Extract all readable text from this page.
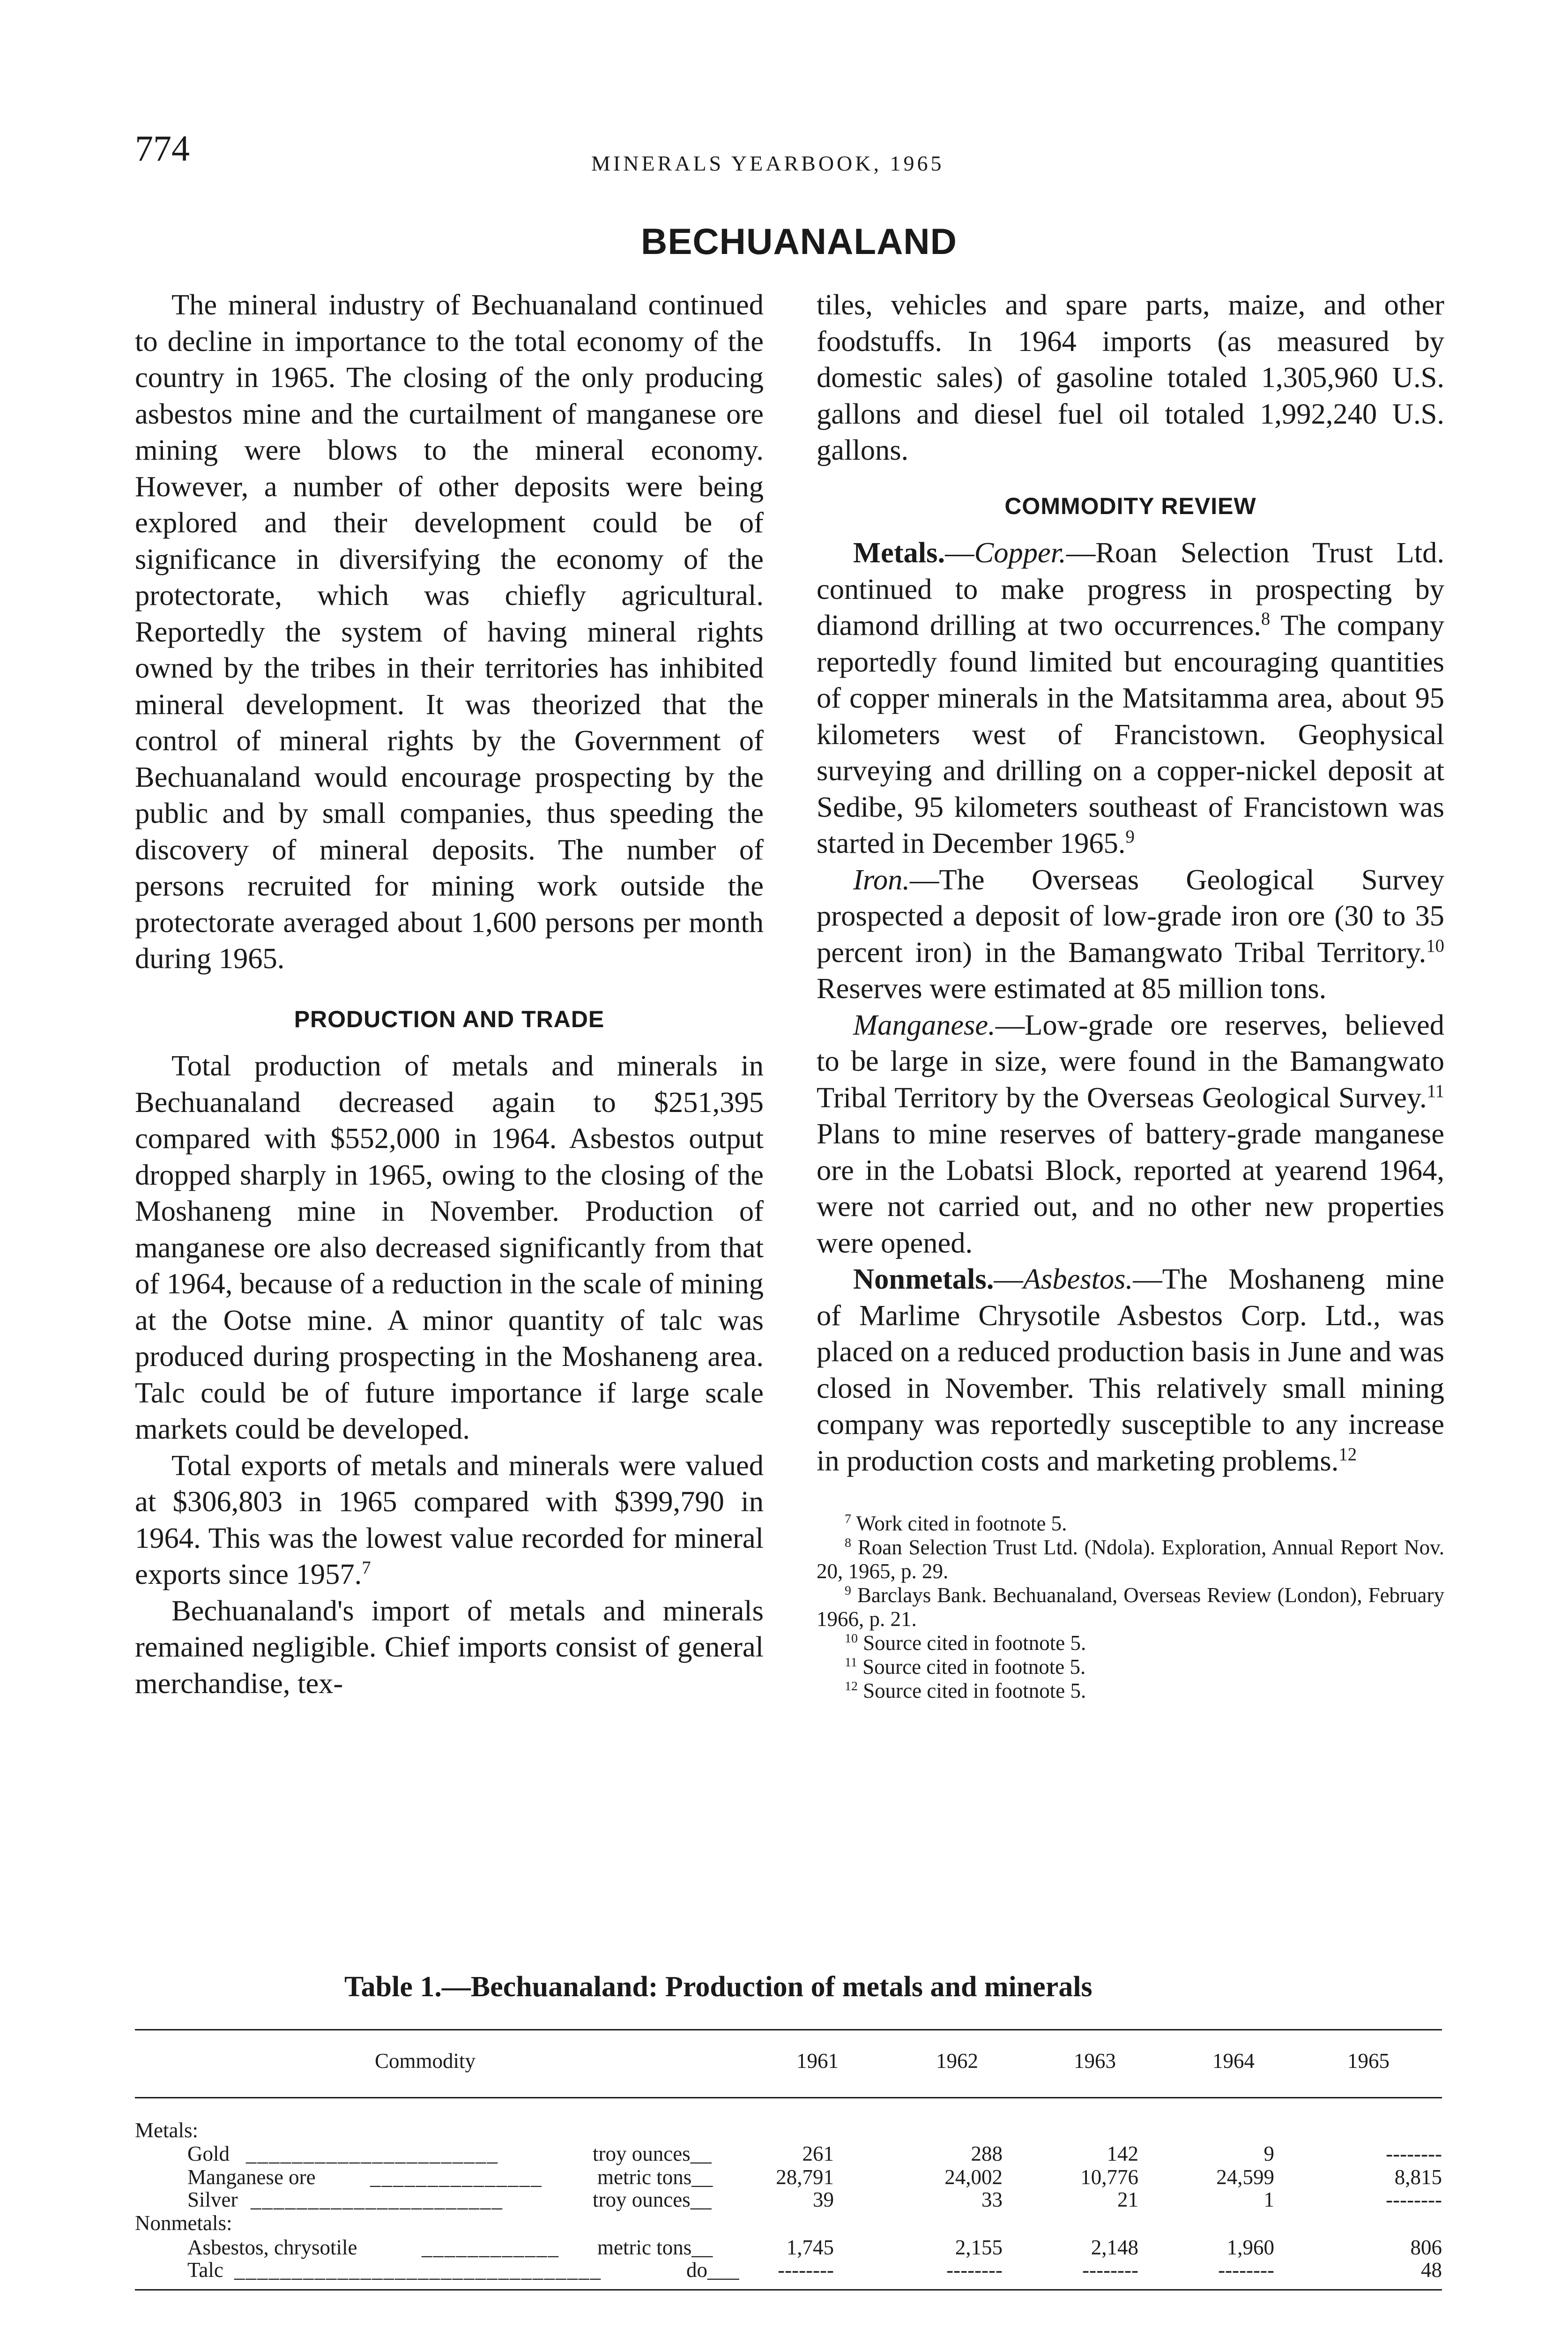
774	MINERALS YEARBOOK, 1965
BECHUANALAND

The mineral industry of Bechuanaland continued to decline in importance to the total economy of the country in 1965. The closing of the only producing asbestos mine and the curtailment of manganese ore mining were blows to the mineral economy. However, a number of other deposits were being explored and their development could be of significance in diversifying the economy of the protectorate, which was chiefly agricultural. Reportedly the system of having mineral rights owned by the tribes in their territories has inhibited mineral development. It was theorized that the control of mineral rights by the Government of Bechuanaland would encourage prospecting by the public and by small companies, thus speeding the discovery of mineral deposits. The number of persons recruited for mining work outside the protectorate averaged about 1,600 persons per month during 1965.

PRODUCTION AND TRADE

Total production of metals and minerals in Bechuanaland decreased again to $251,395 compared with $552,000 in 1964. Asbestos output dropped sharply in 1965, owing to the closing of the Moshaneng mine in November. Production of manganese ore also decreased significantly from that of 1964, because of a reduction in the scale of mining at the Ootse mine. A minor quantity of talc was produced during prospecting in the Moshaneng area. Talc could be of future importance if large scale markets could be developed.

Total exports of metals and minerals were valued at $306,803 in 1965 compared with $399,790 in 1964. This was the lowest value recorded for mineral exports since 1957.$^7$

Bechuanaland's import of metals and minerals remained negligible. Chief imports consist of general merchandise, tex-

tiles, vehicles and spare parts, maize, and other foodstuffs. In 1964 imports (as measured by domestic sales) of gasoline totaled 1,305,960 U.S. gallons and diesel fuel oil totaled 1,992,240 U.S. gallons.

COMMODITY REVIEW

Metals.—Copper.—Roan Selection Trust Ltd. continued to make progress in prospecting by diamond drilling at two occurrences.$^8$ The company reportedly found limited but encouraging quantities of copper minerals in the Matsitamma area, about 95 kilometers west of Francistown. Geophysical surveying and drilling on a copper-nickel deposit at Sedibe, 95 kilometers southeast of Francistown was started in December 1965.$^9$

Iron.—The Overseas Geological Survey prospected a deposit of low-grade iron ore (30 to 35 percent iron) in the Bamangwato Tribal Territory.$^{10}$ Reserves were estimated at 85 million tons.

Manganese.—Low-grade ore reserves, believed to be large in size, were found in the Bamangwato Tribal Territory by the Overseas Geological Survey.$^{11}$ Plans to mine reserves of battery-grade manganese ore in the Lobatsi Block, reported at yearend 1964, were not carried out, and no other new properties were opened.

Nonmetals.—Asbestos.—The Moshaneng mine of Marlime Chrysotile Asbestos Corp. Ltd., was placed on a reduced production basis in June and was closed in November. This relatively small mining company was reportedly susceptible to any increase in production costs and marketing problems.$^{12}$

$^7$ Work cited in footnote 5.

$^8$ Roan Selection Trust Ltd. (Ndola). Exploration, Annual Report Nov. 20, 1965, p. 29.

$^9$ Barclays Bank. Bechuanaland, Overseas Review (London), February 1966, p. 21.

$^{10}$ Source cited in footnote 5.

$^{11}$ Source cited in footnote 5.

$^{12}$ Source cited in footnote 5.

Table 1.—Bechuanaland: Production of metals and minerals
Commodity	1961	1962	1963	1964	1965
Metals:
Gold ______________________	troy ounces__	261	288	142	9	--------
Manganese ore	_______________	metric tons__	28,791	24,002	10,776	24,599	8,815
Silver ______________________	troy ounces__	39	33	21	1	--------
Nonmetals:
Asbestos, chrysotile	____________ metric tons__	1,745	2,155	2,148	1,960	806
Talc ________________________________	do___	--------	--------	--------	--------	48
